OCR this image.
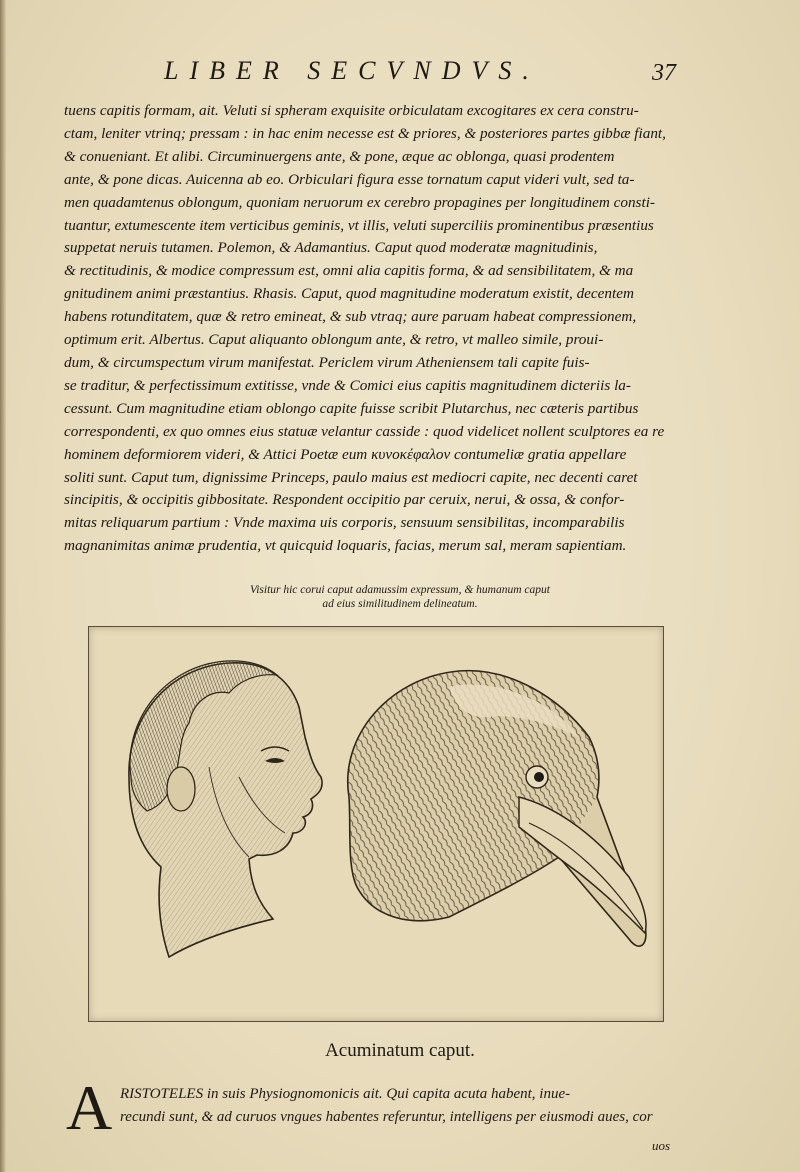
LIBER SECVNDVS.	37
tuens capitis formam, ait. Veluti si spheram exquisite orbiculatam excogitares ex cera constru-
ctam, leniter vtrinq; pressam : in hac enim necesse est & priores, & posteriores partes gibbæ fiant,
& conueniant. Et alibi. Circuminuergens ante, & pone, æque ac oblonga, quasi prodentem
ante, & pone dicas. Auicenna ab eo. Orbiculari figura esse tornatum caput videri vult, sed ta-
men quadamtenus oblongum, quoniam neruorum ex cerebro propagines per longitudinem consti-
tuantur, extumescente item verticibus geminis, vt illis, veluti superciliis prominentibus præsentius
suppetat neruis tutamen. Polemon, & Adamantius. Caput quod moderatæ magnitudinis,
& rectitudinis, & modice compressum est, omni alia capitis forma, & ad sensibilitatem, & ma
gnitudinem animi præstantius. Rhasis. Caput, quod magnitudine moderatum existit, decentem
habens rotunditatem, quæ & retro emineat, & sub vtraq; aure paruam habeat compressionem,
optimum erit. Albertus. Caput aliquanto oblongum ante, & retro, vt malleo simile, proui-
dum, & circumspectum virum manifestat. Periclem virum Atheniensem tali capite fuis-
se traditur, & perfectissimum extitisse, vnde & Comici eius capitis magnitudinem dicteriis la-
cessunt. Cum magnitudine etiam oblongo capite fuisse scribit Plutarchus, nec cæteris partibus
correspondenti, ex quo omnes eius statuæ velantur casside : quod videlicet nollent sculptores ea re
hominem deformiorem videri, & Attici Poetæ eum κυνοκέφαλον contumeliæ gratia appellare
soliti sunt. Caput tum, dignissime Princeps, paulo maius est mediocri capite, nec decenti caret
sincipitis, & occipitis gibbositate. Respondent occipitio par ceruix, nerui, & ossa, & confor-
mitas reliquarum partium : Vnde maxima uis corporis, sensuum sensibilitas, incomparabilis
magnanimitas animæ prudentia, vt quicquid loquaris, facias, merum sal, meram sapientiam.
Visitur hic corui caput adamussim expressum, & humanum caput
ad eius similitudinem delineatum.
Acuminatum caput.
A RISTOTELES in suis Physiognomonicis ait. Qui capita acuta habent, inue-
recundi sunt, & ad curuos vngues habentes referuntur, intelligens per eiusmodi aues, cor
uos
